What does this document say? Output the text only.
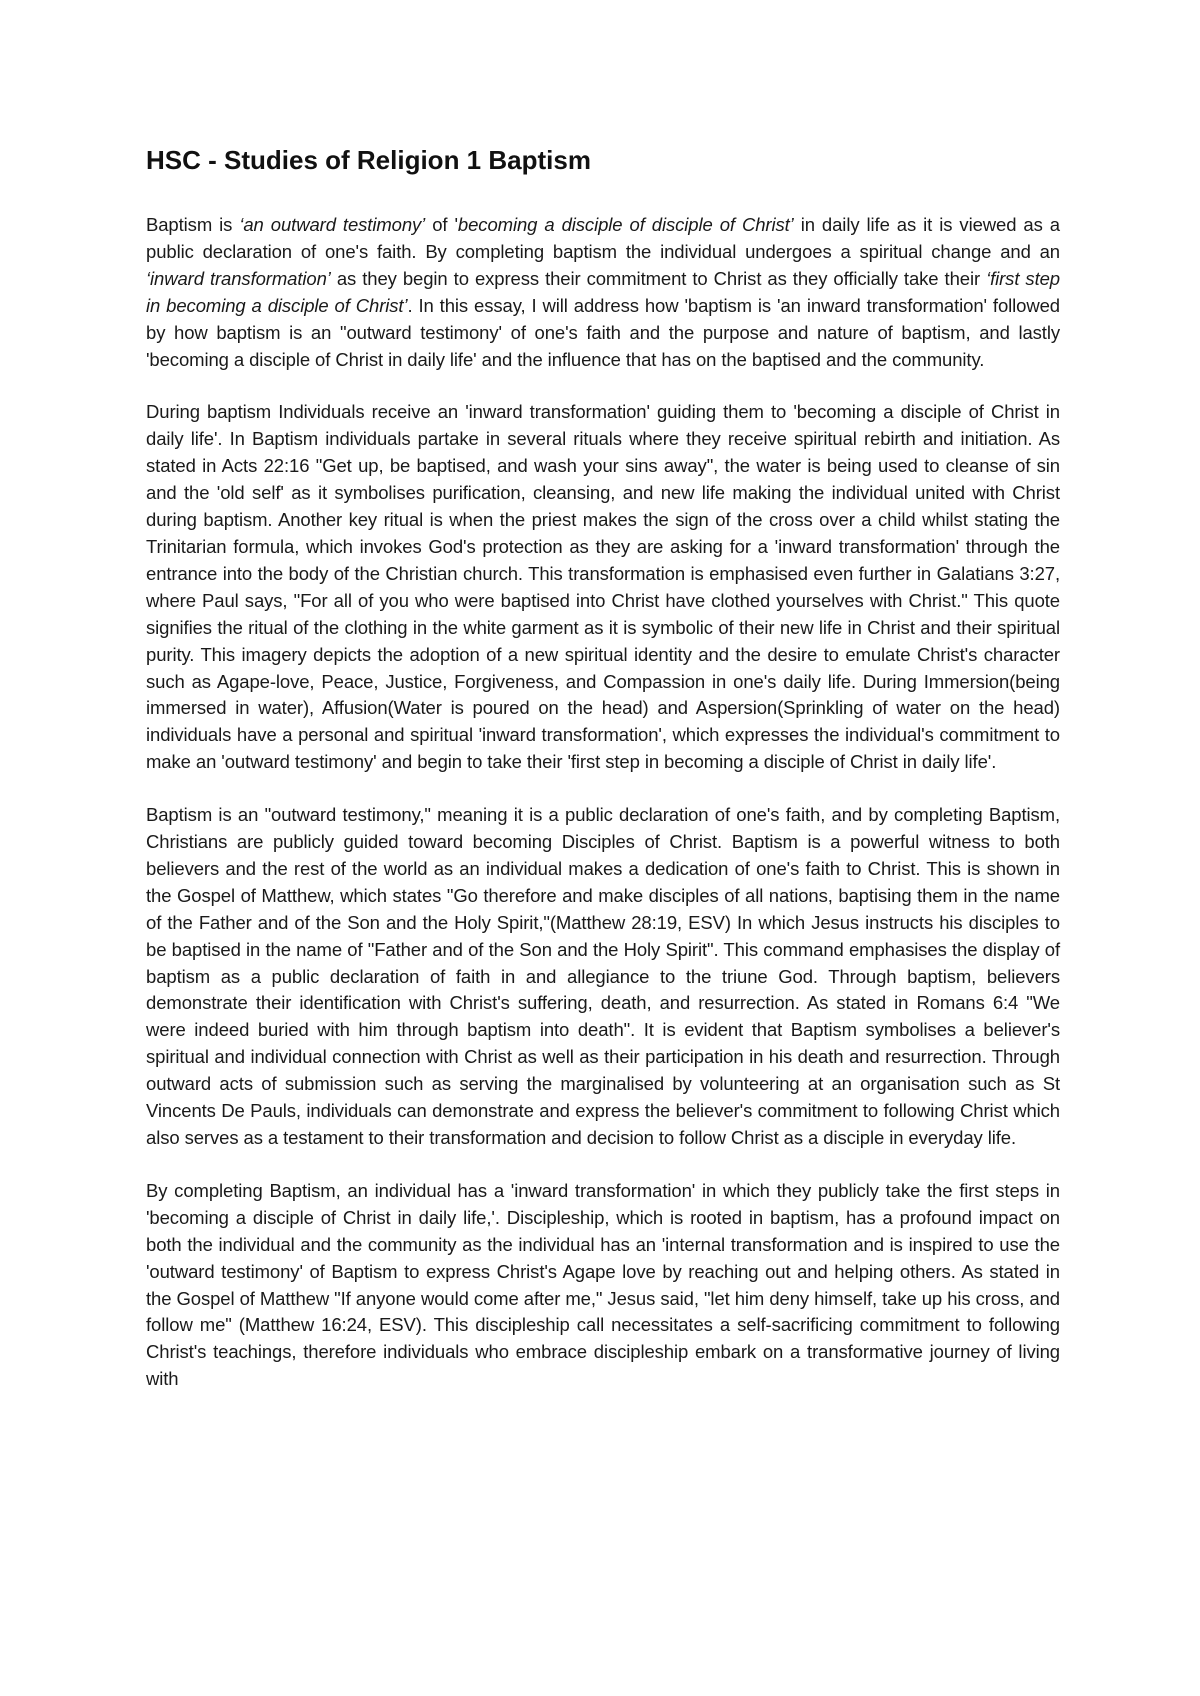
HSC - Studies of Religion 1 Baptism

Baptism is ‘an outward testimony’ of 'becoming a disciple of disciple of Christ’ in daily life as it is viewed as a public declaration of one's faith. By completing baptism the individual undergoes a spiritual change and an ‘inward transformation’ as they begin to express their commitment to Christ as they officially take their ‘first step in becoming a disciple of Christ’. In this essay, I will address how 'baptism is 'an inward transformation' followed by how baptism is an "outward testimony' of one's faith and the purpose and nature of baptism, and lastly 'becoming a disciple of Christ in daily life' and the influence that has on the baptised and the community.

During baptism Individuals receive an 'inward transformation' guiding them to 'becoming a disciple of Christ in daily life'. In Baptism individuals partake in several rituals where they receive spiritual rebirth and initiation. As stated in Acts 22:16 "Get up, be baptised, and wash your sins away", the water is being used to cleanse of sin and the 'old self' as it symbolises purification, cleansing, and new life making the individual united with Christ during baptism. Another key ritual is when the priest makes the sign of the cross over a child whilst stating the Trinitarian formula, which invokes God's protection as they are asking for a 'inward transformation' through the entrance into the body of the Christian church. This transformation is emphasised even further in Galatians 3:27, where Paul says, "For all of you who were baptised into Christ have clothed yourselves with Christ." This quote signifies the ritual of the clothing in the white garment as it is symbolic of their new life in Christ and their spiritual purity. This imagery depicts the adoption of a new spiritual identity and the desire to emulate Christ's character such as Agape-love, Peace, Justice, Forgiveness, and Compassion in one's daily life. During Immersion(being immersed in water), Affusion(Water is poured on the head) and Aspersion(Sprinkling of water on the head) individuals have a personal and spiritual 'inward transformation', which expresses the individual's commitment to make an 'outward testimony' and begin to take their 'first step in becoming a disciple of Christ in daily life'.

Baptism is an "outward testimony," meaning it is a public declaration of one's faith, and by completing Baptism, Christians are publicly guided toward becoming Disciples of Christ. Baptism is a powerful witness to both believers and the rest of the world as an individual makes a dedication of one's faith to Christ. This is shown in the Gospel of Matthew, which states "Go therefore and make disciples of all nations, baptising them in the name of the Father and of the Son and the Holy Spirit,"(Matthew 28:19, ESV) In which Jesus instructs his disciples to be baptised in the name of "Father and of the Son and the Holy Spirit". This command emphasises the display of baptism as a public declaration of faith in and allegiance to the triune God. Through baptism, believers demonstrate their identification with Christ's suffering, death, and resurrection. As stated in Romans 6:4 "We were indeed buried with him through baptism into death". It is evident that Baptism symbolises a believer's spiritual and individual connection with Christ as well as their participation in his death and resurrection. Through outward acts of submission such as serving the marginalised by volunteering at an organisation such as St Vincents De Pauls, individuals can demonstrate and express the believer's commitment to following Christ which also serves as a testament to their transformation and decision to follow Christ as a disciple in everyday life.

By completing Baptism, an individual has a 'inward transformation' in which they publicly take the first steps in 'becoming a disciple of Christ in daily life,'. Discipleship, which is rooted in baptism, has a profound impact on both the individual and the community as the individual has an 'internal transformation and is inspired to use the 'outward testimony' of Baptism to express Christ's Agape love by reaching out and helping others. As stated in the Gospel of Matthew "If anyone would come after me," Jesus said, "let him deny himself, take up his cross, and follow me" (Matthew 16:24, ESV). This discipleship call necessitates a self-sacrificing commitment to following Christ's teachings, therefore individuals who embrace discipleship embark on a transformative journey of living with
